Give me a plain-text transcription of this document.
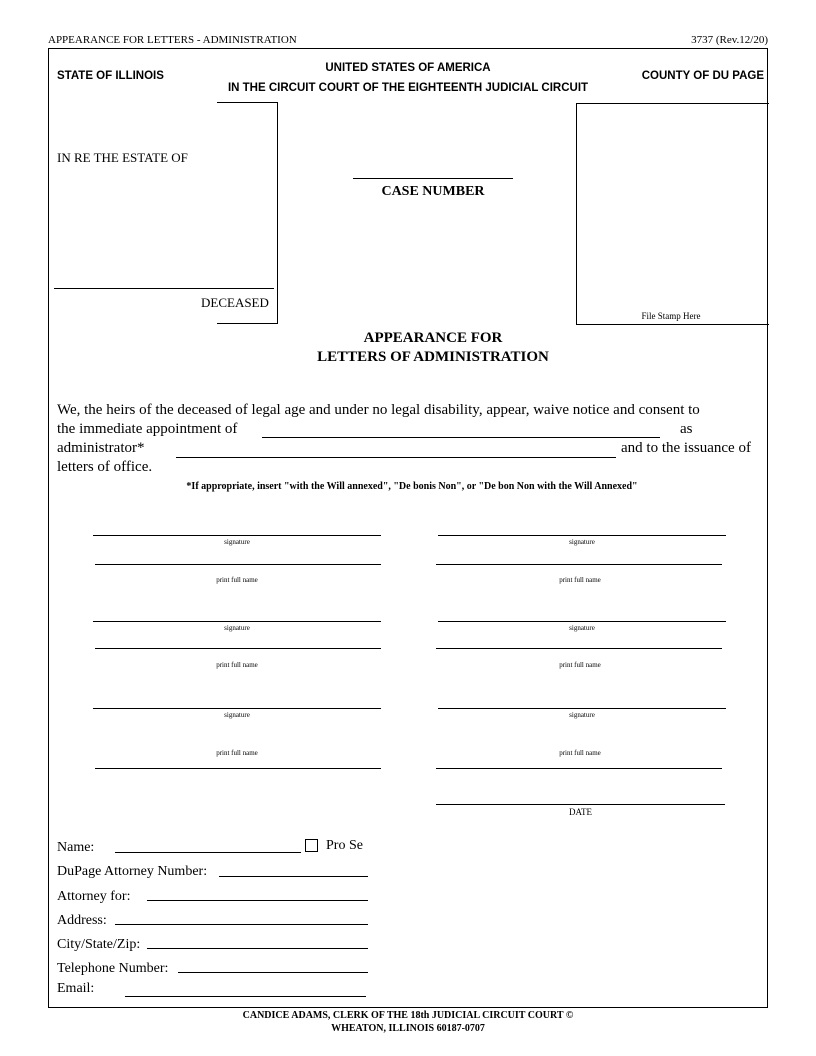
APPEARANCE FOR LETTERS - ADMINISTRATION	3737 (Rev.12/20)
UNITED STATES OF AMERICA
STATE OF ILLINOIS	COUNTY OF DU PAGE
IN THE CIRCUIT COURT OF THE EIGHTEENTH JUDICIAL CIRCUIT
IN RE THE ESTATE OF
DECEASED
CASE NUMBER
File Stamp Here
APPEARANCE FOR
LETTERS OF ADMINISTRATION
We, the heirs of the deceased of legal age and under no legal disability, appear, waive notice and consent to
the immediate appointment of	as
administrator*	and to the issuance of
letters of office.
*If appropriate, insert "with the Will annexed", "De bonis Non", or "De bon Non with the Will Annexed"
signature
print full name
signature
print full name
signature
print full name
signature
print full name
signature
print full name
signature
print full name
DATE
Name:	Pro Se
DuPage Attorney Number:
Attorney for:
Address:
City/State/Zip:
Telephone Number:
Email:
CANDICE ADAMS, CLERK OF THE 18th JUDICIAL CIRCUIT COURT ©
WHEATON, ILLINOIS 60187-0707
